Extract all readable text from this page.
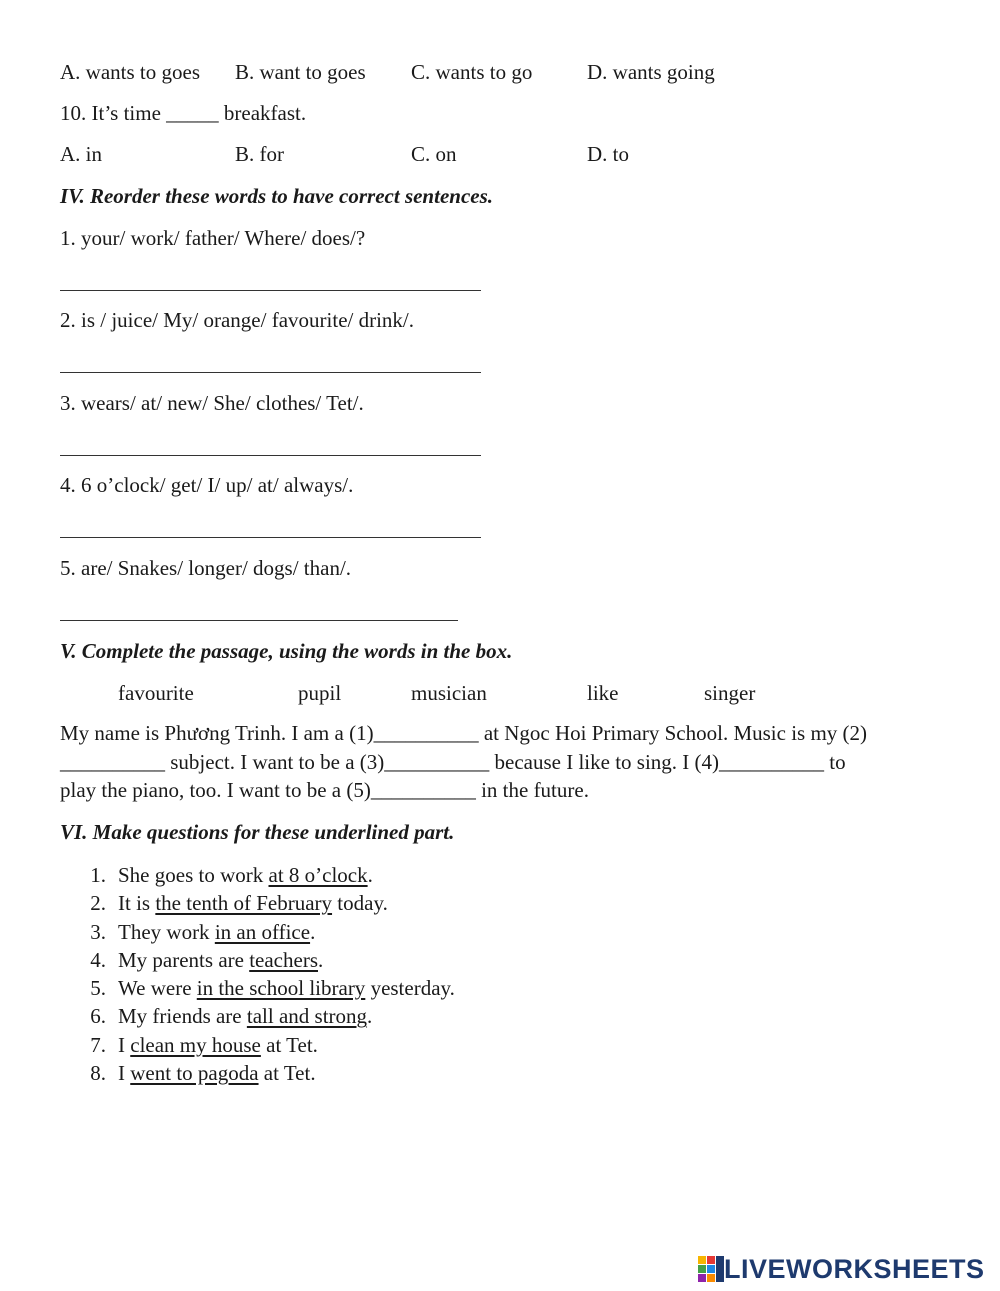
A. wants to goes B. want to goes C. wants to go	D. wants going
10. It’s time _____ breakfast.
A. in	B. for	C. on	D. to
IV. Reorder these words to have correct sentences.
1. your/ work/ father/ Where/ does/?
2. is / juice/ My/ orange/ favourite/ drink/.
3. wears/ at/ new/ She/ clothes/ Tet/.
4. 6 o’clock/ get/ I/ up/ at/ always/.
5. are/ Snakes/ longer/ dogs/ than/.
V. Complete the passage, using the words in the box.
favourite	pupil	musician	like	singer
My name is Phương Trinh. I am a (1)__________ at Ngoc Hoi Primary School. Music is my (2)
__________ subject. I want to be a (3)__________ because I like to sing. I (4)__________ to
play the piano, too. I want to be a (5)__________ in the future.
VI. Make questions for these underlined part.
1. She goes to work at 8 o’clock.
2. It is the tenth of February today.
3. They work in an office.
4. My parents are teachers.
5. We were in the school library yesterday.
6. My friends are tall and strong.
7. I clean my house at Tet.
8. I went to pagoda at Tet.
LIVEWORKSHEETS
